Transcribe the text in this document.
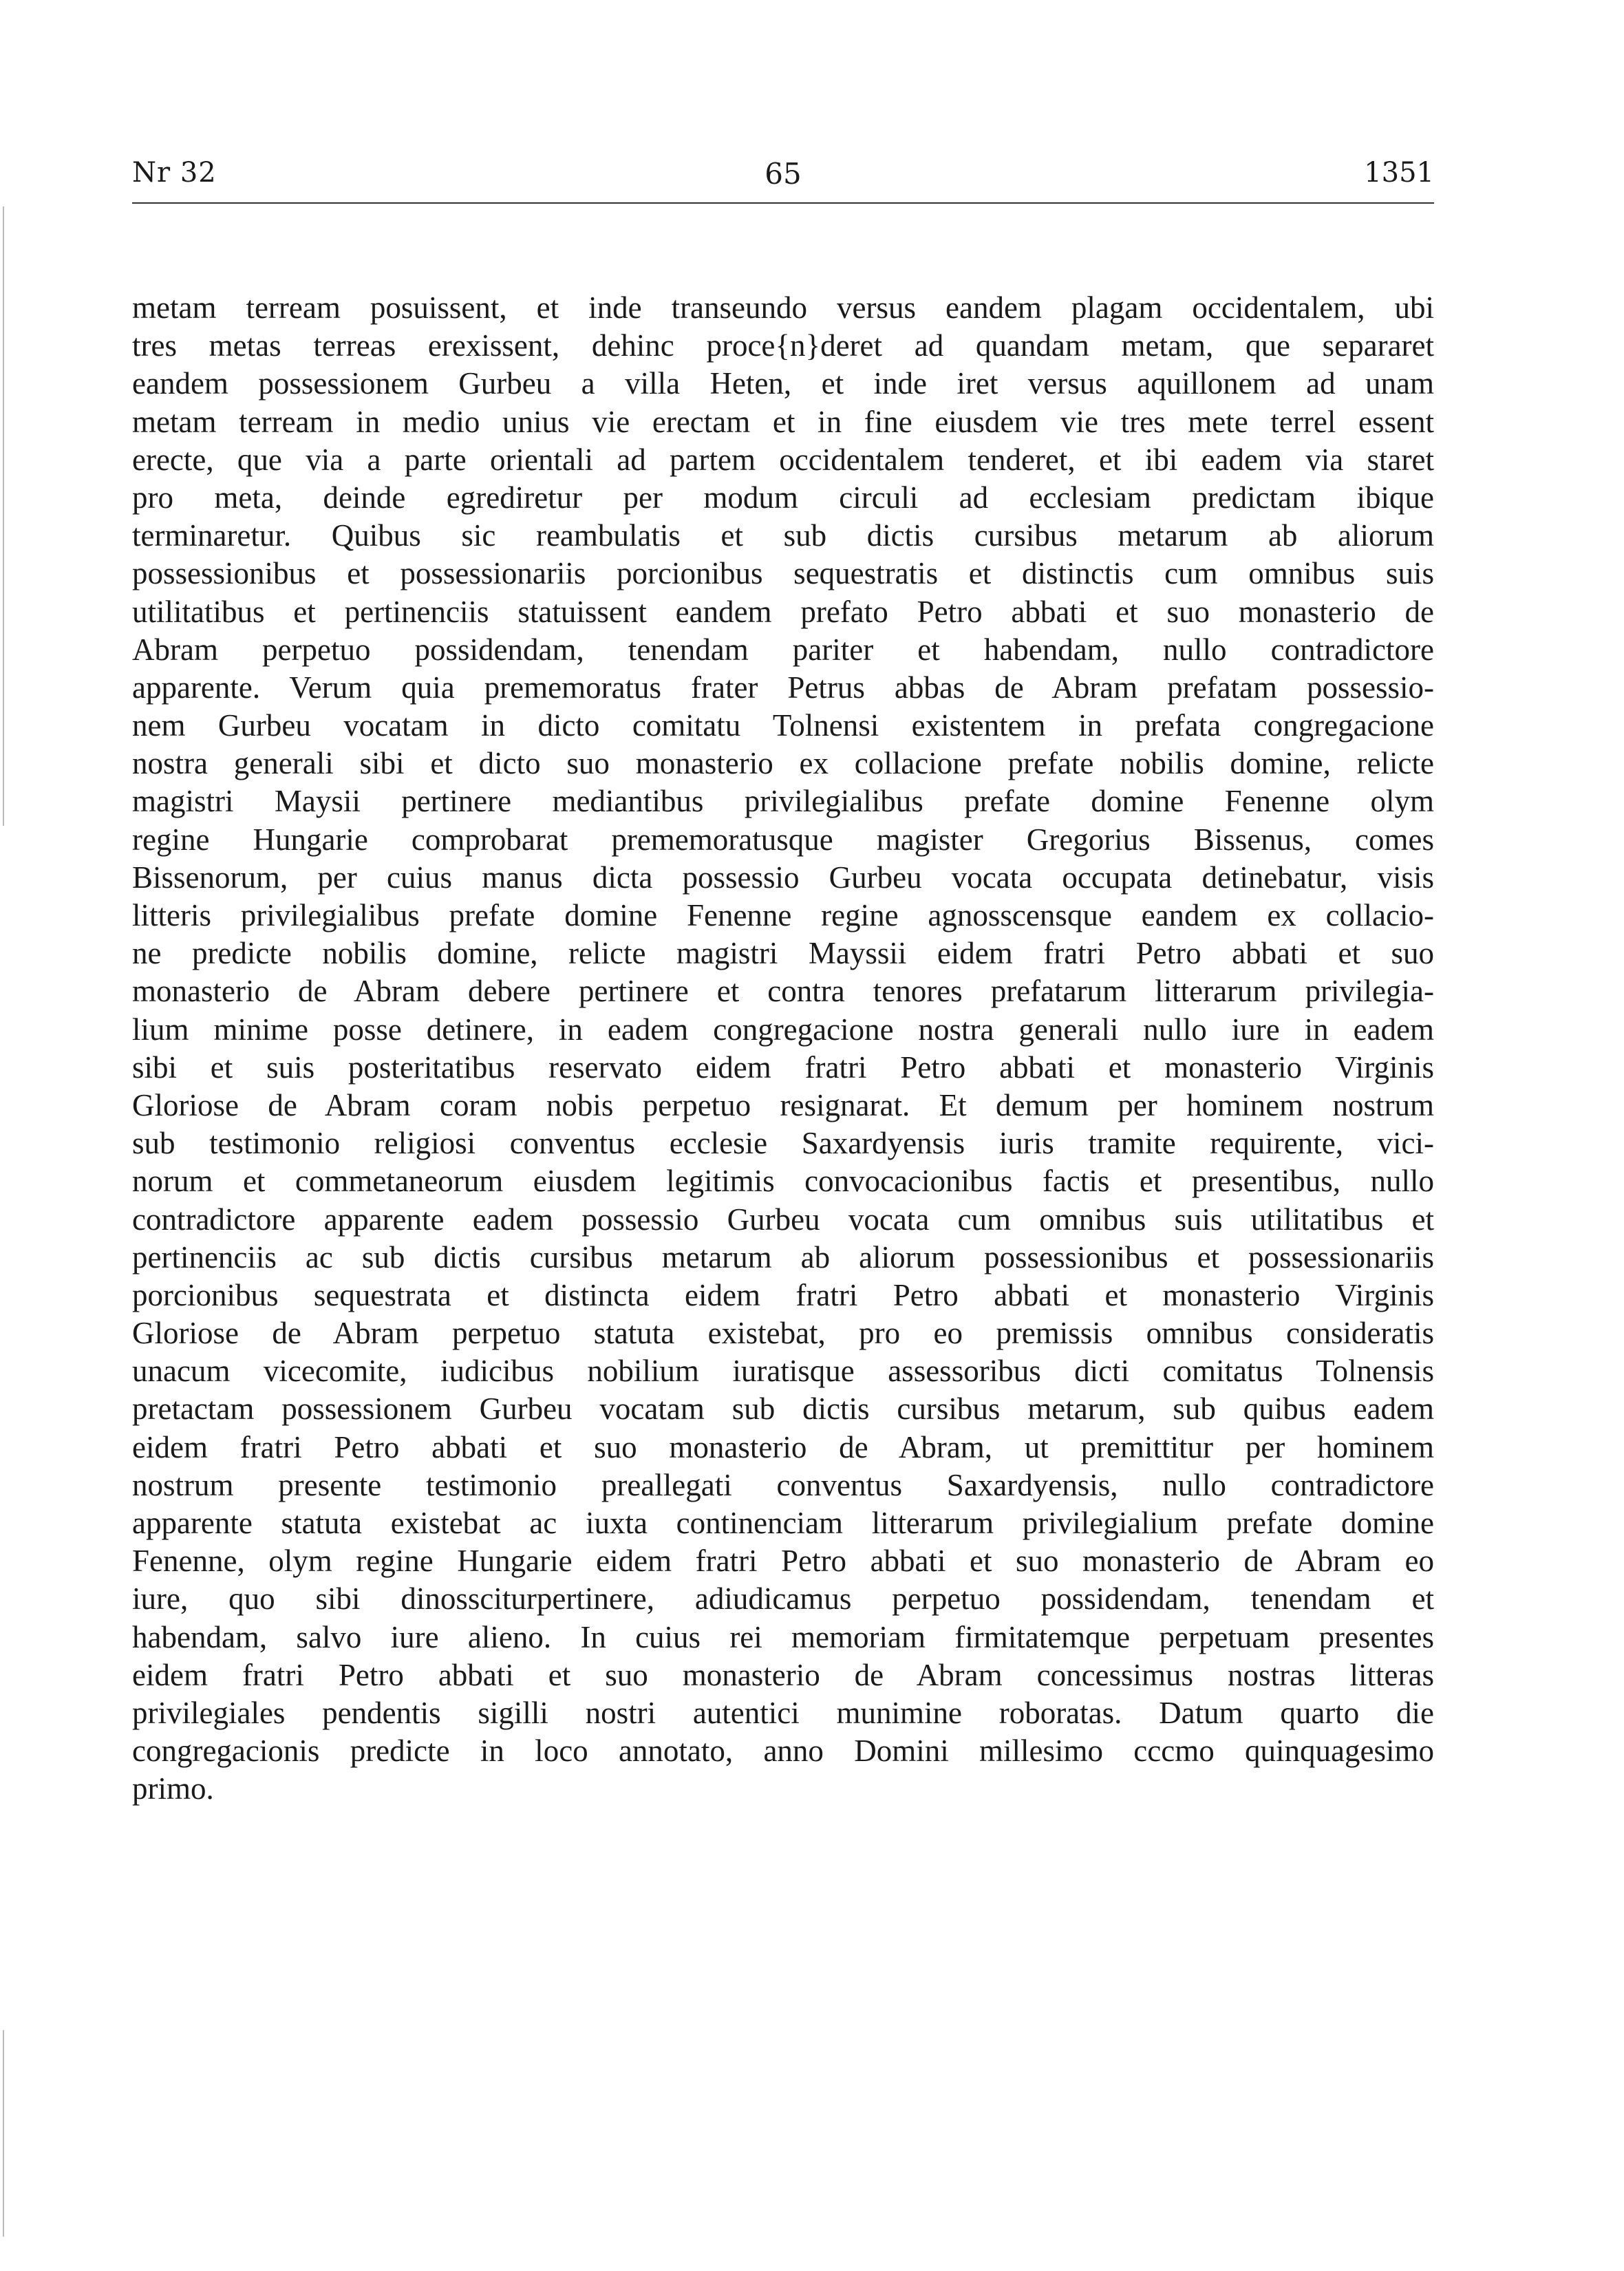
Nr 32	65	1351
metam terream posuissent, et inde transeundo versus eandem plagam occidentalem, ubi
tres metas terreas erexissent, dehinc proce{n}deret ad quandam metam, que separaret
eandem possessionem Gurbeu a villa Heten, et inde iret versus aquillonem ad unam
metam terream in medio unius vie erectam et in fine eiusdem vie tres mete terrel essent
erecte, que via a parte orientali ad partem occidentalem tenderet, et ibi eadem via staret
pro meta, deinde egrediretur per modum circuli ad ecclesiam predictam ibique
terminaretur. Quibus sic reambulatis et sub dictis cursibus metarum ab aliorum
possessionibus et possessionariis porcionibus sequestratis et distinctis cum omnibus suis
utilitatibus et pertinenciis statuissent eandem prefato Petro abbati et suo monasterio de
Abram perpetuo possidendam, tenendam pariter et habendam, nullo contradictore
apparente. Verum quia prememoratus frater Petrus abbas de Abram prefatam possessio-
nem Gurbeu vocatam in dicto comitatu Tolnensi existentem in prefata congregacione
nostra generali sibi et dicto suo monasterio ex collacione prefate nobilis domine, relicte
magistri Maysii pertinere mediantibus privilegialibus prefate domine Fenenne olym
regine Hungarie comprobarat prememoratusque magister Gregorius Bissenus, comes
Bissenorum, per cuius manus dicta possessio Gurbeu vocata occupata detinebatur, visis
litteris privilegialibus prefate domine Fenenne regine agnosscensque eandem ex collacio-
ne predicte nobilis domine, relicte magistri Mayssii eidem fratri Petro abbati et suo
monasterio de Abram debere pertinere et contra tenores prefatarum litterarum privilegia-
lium minime posse detinere, in eadem congregacione nostra generali nullo iure in eadem
sibi et suis posteritatibus reservato eidem fratri Petro abbati et monasterio Virginis
Gloriose de Abram coram nobis perpetuo resignarat. Et demum per hominem nostrum
sub testimonio religiosi conventus ecclesie Saxardyensis iuris tramite requirente, vici-
norum et commetaneorum eiusdem legitimis convocacionibus factis et presentibus, nullo
contradictore apparente eadem possessio Gurbeu vocata cum omnibus suis utilitatibus et
pertinenciis ac sub dictis cursibus metarum ab aliorum possessionibus et possessionariis
porcionibus sequestrata et distincta eidem fratri Petro abbati et monasterio Virginis
Gloriose de Abram perpetuo statuta existebat, pro eo premissis omnibus consideratis
unacum vicecomite, iudicibus nobilium iuratisque assessoribus dicti comitatus Tolnensis
pretactam possessionem Gurbeu vocatam sub dictis cursibus metarum, sub quibus eadem
eidem fratri Petro abbati et suo monasterio de Abram, ut premittitur per hominem
nostrum presente testimonio preallegati conventus Saxardyensis, nullo contradictore
apparente statuta existebat ac iuxta continenciam litterarum privilegialium prefate domine
Fenenne, olym regine Hungarie eidem fratri Petro abbati et suo monasterio de Abram eo
iure, quo sibi dinossciturpertinere, adiudicamus perpetuo possidendam, tenendam et
habendam, salvo iure alieno. In cuius rei memoriam firmitatemque perpetuam presentes
eidem fratri Petro abbati et suo monasterio de Abram concessimus nostras litteras
privilegiales pendentis sigilli nostri autentici munimine roboratas. Datum quarto die
congregacionis predicte in loco annotato, anno Domini millesimo cccmo quinquagesimo
primo.
